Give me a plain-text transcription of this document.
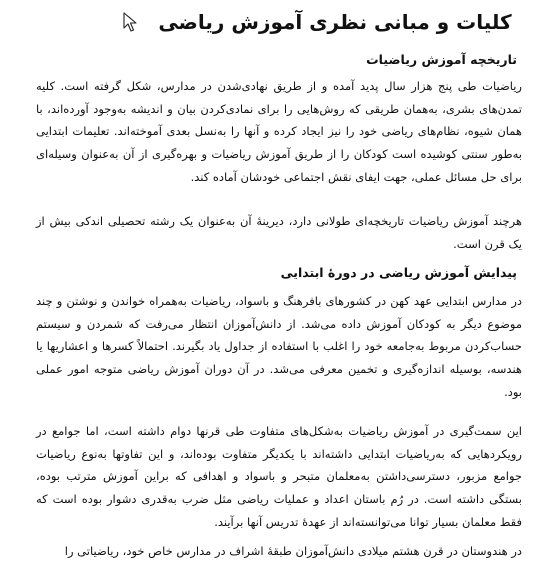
کلیات و مبانی نظری آموزش ریاضی
تاریخچه آموزش ریاضیات

ریاضیات طی پنج هزار سال پدید آمده و از طریق نهادی‌شدن در مدارس، شکل گرفته است. کلیه تمدن‌های بشری، به‌همان طریقی که روش‌هایی را برای نمادی‌کردن بیان و اندیشه به‌وجود آورده‌اند، با همان شیوه، نظام‌های ریاضی خود را نیز ایجاد کرده و آنها را به‌نسل بعدی آموخته‌اند. تعلیمات ابتدایی به‌طور سنتی کوشیده است کودکان را از طریق آموزش ریاضیات و بهره‌گیری از آن به‌عنوان وسیله‌ای برای حل مسائل عملی، جهت ایفای نقش اجتماعی خودشان آماده کند.

هرچند آموزش ریاضیات تاریخچه‌ای طولانی دارد، دیرینهٔ آن به‌عنوان یک رشته تحصیلی اندکی بیش از یک قرن است.

پیدایش آموزش ریاضی در دورهٔ ابتدایی

در مدارس ابتدایی عهد کهن در کشورهای بافرهنگ و باسواد، ریاضیات به‌همراه خواندن و نوشتن و چند موضوع دیگر به کودکان آموزش داده می‌شد. از دانش‌آموزان انتظار می‌رفت که شمردن و سیستم حساب‌کردن مربوط به‌جامعه خود را اغلب با استفاده از جداول یاد بگیرند. احتمالاً کسرها و اعشاریها یا هندسه، بوسیله اندازه‌گیری و تخمین معرفی می‌شد. در آن دوران آموزش ریاضی متوجه امور عملی بود.

این سمت‌گیری در آموزش ریاضیات به‌شکل‌های متفاوت طی قرنها دوام داشته است، اما جوامع در رویکردهایی که به‌ریاضیات ابتدایی داشته‌اند با یکدیگر متفاوت بوده‌اند، و این تفاوتها به‌نوع ریاضیات جوامع مزبور، دسترسی‌داشتن به‌معلمان متبحر و باسواد و اهدافی که براین آموزش مترتب بوده، بستگی داشته است. در رُم باستان اعداد و عملیات ریاضی مثل ضرب به‌قدری دشوار بوده است که فقط معلمان بسیار توانا می‌توانسته‌اند از عهدهٔ تدریس آنها برآیند.

در هندوستان در قرن هشتم میلادی دانش‌آموزان طبقهٔ اشراف در مدارس خاص خود، ریاضیاتی را
